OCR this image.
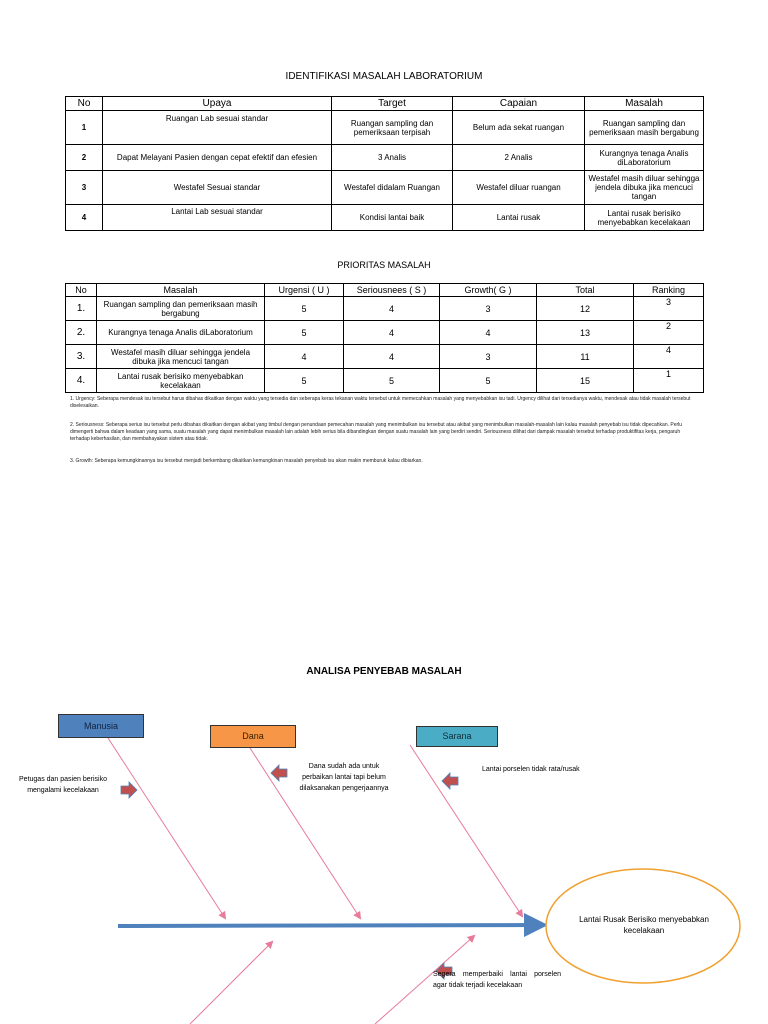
IDENTIFIKASI MASALAH LABORATORIUM
No	Upaya	Target	Capaian	Masalah
1	Ruangan Lab sesuai standar	Ruangan sampling dan pemeriksaan terpisah	Belum ada sekat ruangan	Ruangan sampling dan pemeriksaan masih bergabung
2	Dapat Melayani Pasien dengan cepat efektif dan efesien	3 Analis	2 Analis	Kurangnya tenaga Analis diLaboratorium
3	Westafel Sesuai standar	Westafel didalam Ruangan	Westafel diluar ruangan	Westafel masih diluar sehingga jendela dibuka jika mencuci tangan
4	Lantai Lab sesuai standar	Kondisi lantai baik	Lantai rusak	Lantai rusak berisiko menyebabkan kecelakaan
PRIORITAS MASALAH
No	Masalah	Urgensi ( U )	Seriousnees ( S )	Growth( G )	Total	Ranking
1.	Ruangan sampling dan pemeriksaan masih bergabung	5	4	3	12	3
2.	Kurangnya tenaga Analis diLaboratorium	5	4	4	13	2
3.	Westafel masih diluar sehingga jendela dibuka jika mencuci tangan	4	4	3	11	4
4.	Lantai rusak berisiko menyebabkan kecelakaan	5	5	5	15	1
1. Urgency: Seberapa mendesak isu tersebut harus dibahas dikaitkan dengan waktu yang tersedia dan seberapa keras tekanan waktu tersebut untuk memecahkan masalah yang menyebabkan isu tadi. Urgency dilihat dari tersedianya waktu, mendesak atau tidak masalah tersebut diselesaikan.
2. Seriousness: Seberapa serius isu tersebut perlu dibahas dikaitkan dengan akibat yang timbul dengan penundaan pemecahan masalah yang menimbulkan isu tersebut atau akibat yang menimbulkan masalah-masalah lain kalau masalah penyebab isu tidak dipecahkan. Perlu dimengerti bahwa dalam keadaan yang sama, suatu masalah yang dapat menimbulkan masalah lain adalah lebih serius bila dibandingkan dengan suatu masalah lain yang berdiri sendiri. Seriousness dilihat dari dampak masalah tersebut terhadap produktifitas kerja, pengaruh terhadap keberhasilan, dan membahayakan sistem atau tidak.
3. Growth: Seberapa kemungkinannya isu tersebut menjadi berkembang dikaitkan kemungkinan masalah penyebab isu akan makin memburuk kalau dibiarkan.
ANALISA PENYEBAB MASALAH
Manusia
Dana	Sarana
Petugas dan pasien berisiko mengalami kecelakaan
Dana sudah ada untuk perbaikan lantai tapi belum dilaksanakan pengerjaannya
Lantai porselen tidak rata/rusak
Lantai Rusak Berisiko menyebabkan kecelakaan
Segera memperbaiki lantai porselen agar tidak terjadi kecelakaan
